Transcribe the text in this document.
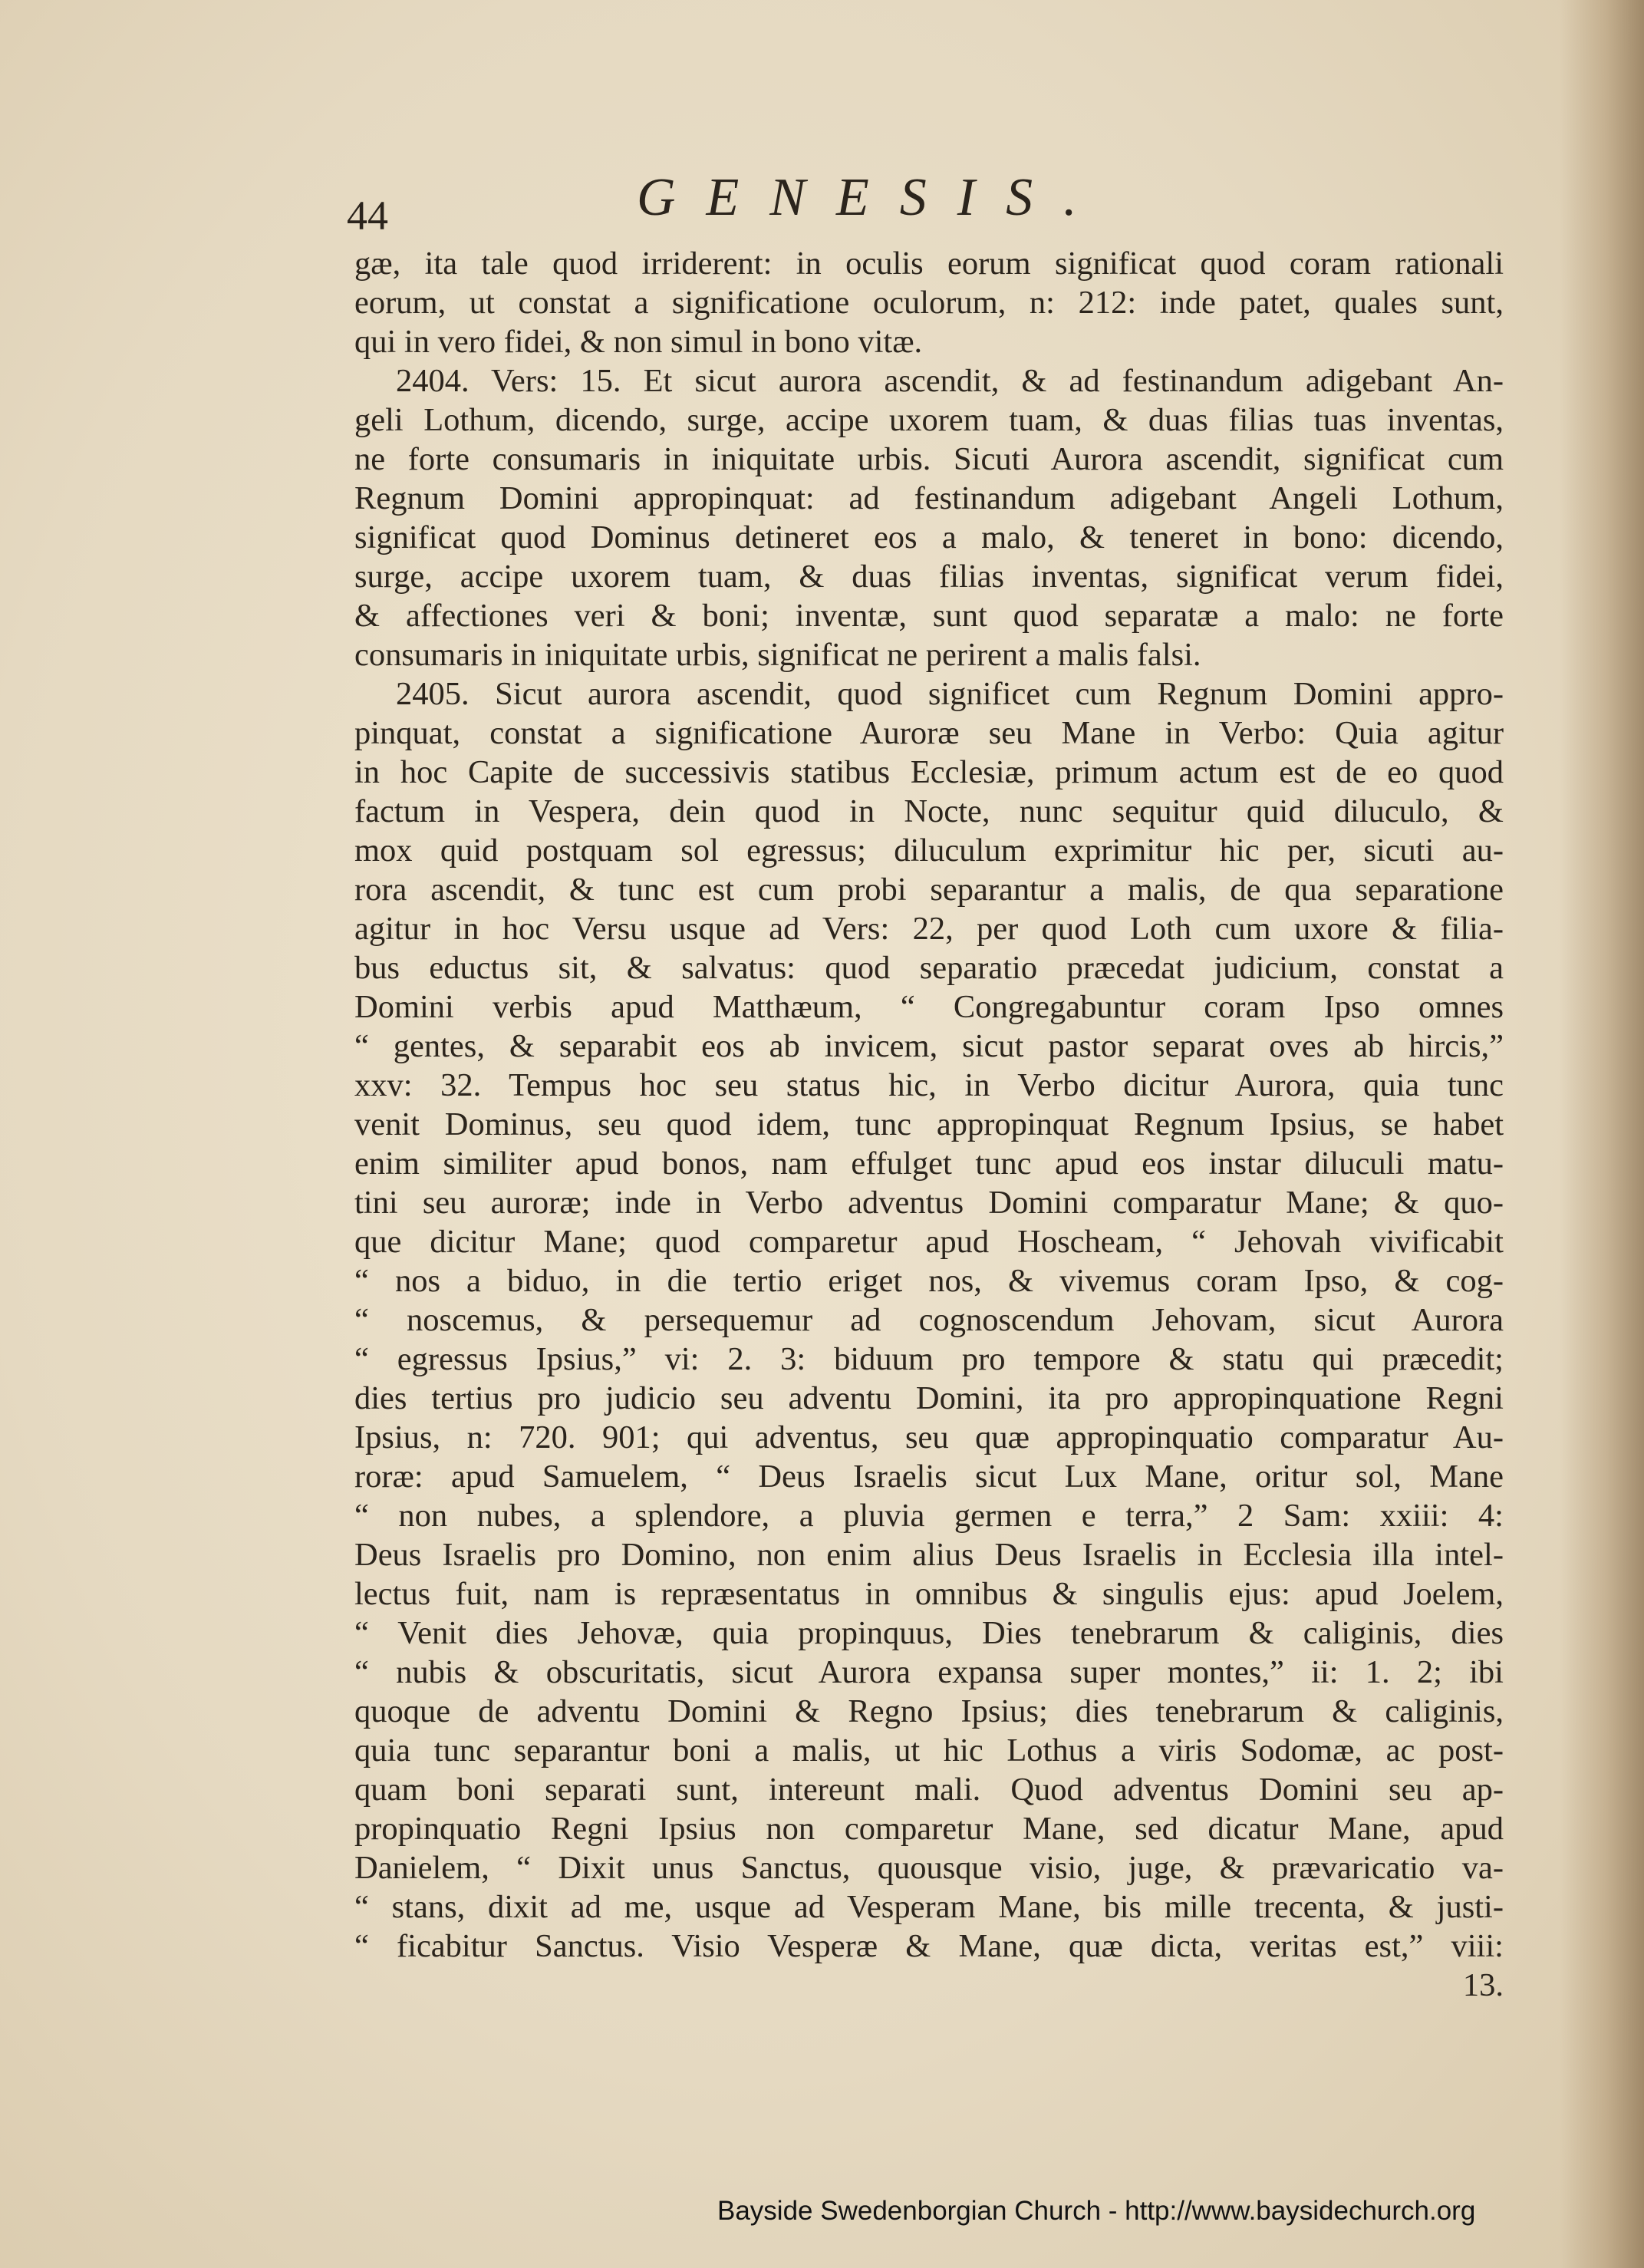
44	GENESIS.
gæ, ita tale quod irriderent: in oculis eorum significat quod coram rationali
eorum, ut constat a significatione oculorum, n: 212: inde patet, quales sunt,
qui in vero fidei, & non simul in bono vitæ.
2404. Vers: 15. Et sicut aurora ascendit, & ad festinandum adigebant An-
geli Lothum, dicendo, surge, accipe uxorem tuam, & duas filias tuas inventas,
ne forte consumaris in iniquitate urbis. Sicuti Aurora ascendit, significat cum
Regnum Domini appropinquat: ad festinandum adigebant Angeli Lothum,
significat quod Dominus detineret eos a malo, & teneret in bono: dicendo,
surge, accipe uxorem tuam, & duas filias inventas, significat verum fidei,
& affectiones veri & boni; inventæ, sunt quod separatæ a malo: ne forte
consumaris in iniquitate urbis, significat ne perirent a malis falsi.
2405. Sicut aurora ascendit, quod significet cum Regnum Domini appro-
pinquat, constat a significatione Auroræ seu Mane in Verbo: Quia agitur
in hoc Capite de successivis statibus Ecclesiæ, primum actum est de eo quod
factum in Vespera, dein quod in Nocte, nunc sequitur quid diluculo, &
mox quid postquam sol egressus; diluculum exprimitur hic per, sicuti au-
rora ascendit, & tunc est cum probi separantur a malis, de qua separatione
agitur in hoc Versu usque ad Vers: 22, per quod Loth cum uxore & filia-
bus eductus sit, & salvatus: quod separatio præcedat judicium, constat a
Domini verbis apud Matthæum, “ Congregabuntur coram Ipso omnes
“ gentes, & separabit eos ab invicem, sicut pastor separat oves ab hircis,”
xxv: 32. Tempus hoc seu status hic, in Verbo dicitur Aurora, quia tunc
venit Dominus, seu quod idem, tunc appropinquat Regnum Ipsius, se habet
enim similiter apud bonos, nam effulget tunc apud eos instar diluculi matu-
tini seu auroræ; inde in Verbo adventus Domini comparatur Mane; & quo-
que dicitur Mane; quod comparetur apud Hoscheam, “ Jehovah vivificabit
“ nos a biduo, in die tertio eriget nos, & vivemus coram Ipso, & cog-
“ noscemus, & persequemur ad cognoscendum Jehovam, sicut Aurora
“ egressus Ipsius,” vi: 2. 3: biduum pro tempore & statu qui præcedit;
dies tertius pro judicio seu adventu Domini, ita pro appropinquatione Regni
Ipsius, n: 720. 901; qui adventus, seu quæ appropinquatio comparatur Au-
roræ: apud Samuelem, “ Deus Israelis sicut Lux Mane, oritur sol, Mane
“ non nubes, a splendore, a pluvia germen e terra,” 2 Sam: xxiii: 4:
Deus Israelis pro Domino, non enim alius Deus Israelis in Ecclesia illa intel-
lectus fuit, nam is repræsentatus in omnibus & singulis ejus: apud Joelem,
“ Venit dies Jehovæ, quia propinquus, Dies tenebrarum & caliginis, dies
“ nubis & obscuritatis, sicut Aurora expansa super montes,” ii: 1. 2; ibi
quoque de adventu Domini & Regno Ipsius; dies tenebrarum & caliginis,
quia tunc separantur boni a malis, ut hic Lothus a viris Sodomæ, ac post-
quam boni separati sunt, intereunt mali. Quod adventus Domini seu ap-
propinquatio Regni Ipsius non comparetur Mane, sed dicatur Mane, apud
Danielem, “ Dixit unus Sanctus, quousque visio, juge, & prævaricatio va-
“ stans, dixit ad me, usque ad Vesperam Mane, bis mille trecenta, & justi-
“ ficabitur Sanctus. Visio Vesperæ & Mane, quæ dicta, veritas est,” viii:
13.
Bayside Swedenborgian Church - http://www.baysidechurch.org
